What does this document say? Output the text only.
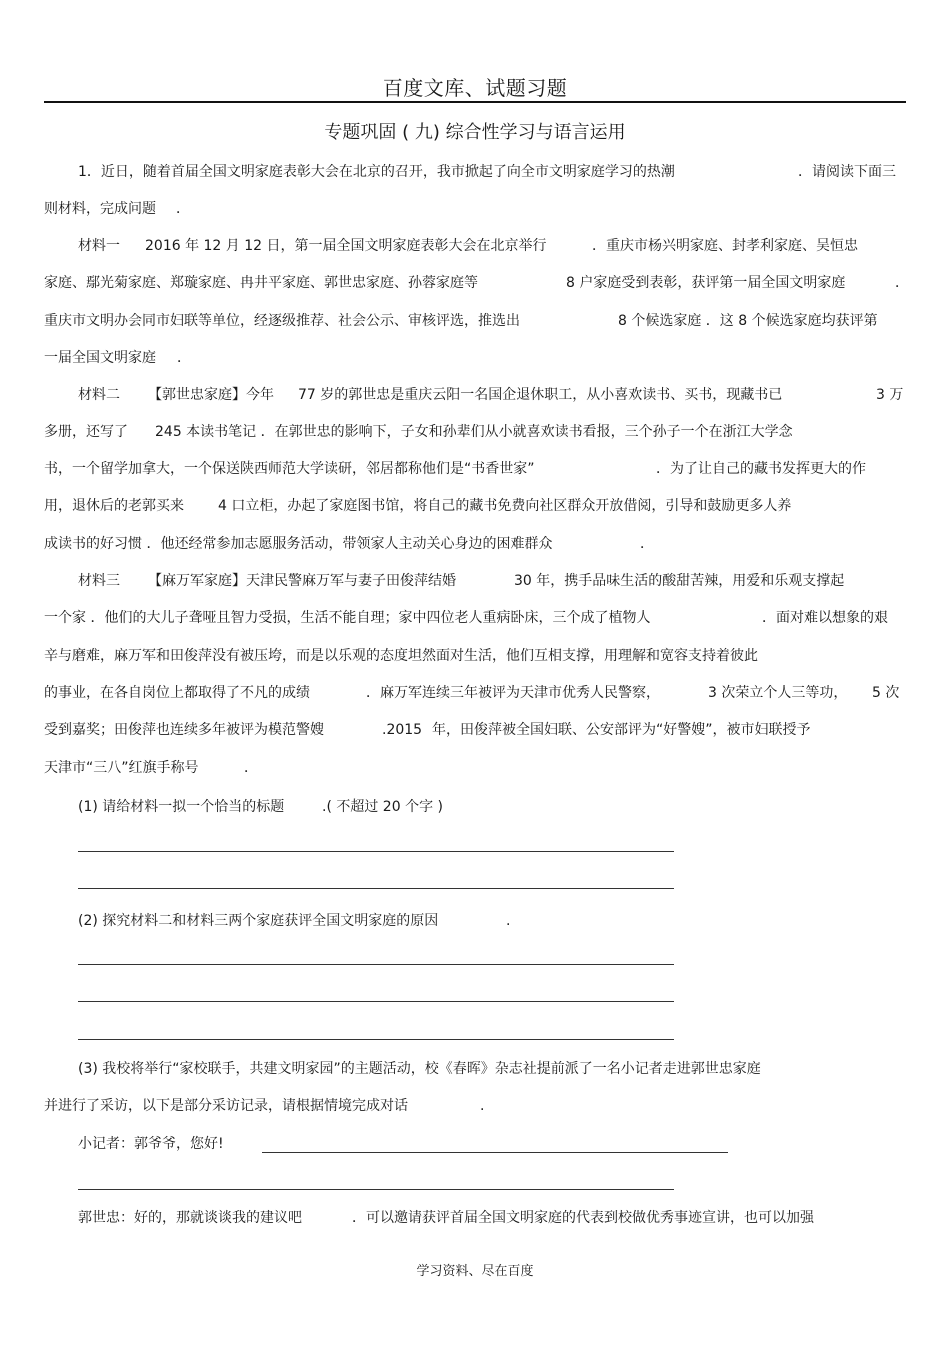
百度文库、试题习题
专题巩固 ( 九) 综合性学习与语言运用
1．近日，随着首届全国文明家庭表彰大会在北京的召开，我市掀起了向全市文明家庭学习的热潮	．请阅读下面三
则材料，完成问题 ．
材料一 2016 年 12 月 12 日，第一届全国文明家庭表彰大会在北京举行	．重庆市杨兴明家庭、封孝利家庭、吴恒忠
家庭、鄢光菊家庭、郑璇家庭、冉井平家庭、郭世忠家庭、孙蓉家庭等	8 户家庭受到表彰，获评第一届全国文明家庭	．
重庆市文明办会同市妇联等单位，经逐级推荐、社会公示、审核评选，推选出	8 个候选家庭 ．这 8 个候选家庭均获评第
一届全国文明家庭 ．
材料二 【郭世忠家庭】今年 77 岁的郭世忠是重庆云阳一名国企退休职工，从小喜欢读书、买书，现藏书已	3 万
多册，还写了 245 本读书笔记 ．在郭世忠的影响下，子女和孙辈们从小就喜欢读书看报，三个孙子一个在浙江大学念
书，一个留学加拿大，一个保送陕西师范大学读研，邻居都称他们是“书香世家”	．为了让自己的藏书发挥更大的作
用，退休后的老郭买来 4 口立柜，办起了家庭图书馆，将自己的藏书免费向社区群众开放借阅，引导和鼓励更多人养
成读书的好习惯 ．他还经常参加志愿服务活动，带领家人主动关心身边的困难群众	．
材料三 【麻万军家庭】天津民警麻万军与妻子田俊萍结婚	30 年，携手品味生活的酸甜苦辣，用爱和乐观支撑起
一个家 ．他们的大儿子聋哑且智力受损，生活不能自理；家中四位老人重病卧床，三个成了植物人	．面对难以想象的艰
辛与磨难，麻万军和田俊萍没有被压垮，而是以乐观的态度坦然面对生活，他们互相支撑，用理解和宽容支持着彼此
的事业，在各自岗位上都取得了不凡的成绩	．麻万军连续三年被评为天津市优秀人民警察，	3 次荣立个人三等功， 5 次
受到嘉奖；田俊萍也连续多年被评为模范警嫂	.2015 年，田俊萍被全国妇联、公安部评为“好警嫂”，被市妇联授予
天津市“三八”红旗手称号	．
(1) 请给材料一拟一个恰当的标题	.( 不超过 20 个字 )
(2) 探究材料二和材料三两个家庭获评全国文明家庭的原因	.
(3) 我校将举行“家校联手，共建文明家园”的主题活动，校《春晖》杂志社提前派了一名小记者走进郭世忠家庭
并进行了采访，以下是部分采访记录，请根据情境完成对话	.
小记者：郭爷爷，您好!
郭世忠：好的，那就谈谈我的建议吧	．可以邀请获评首届全国文明家庭的代表到校做优秀事迹宣讲，也可以加强
学习资料、尽在百度
